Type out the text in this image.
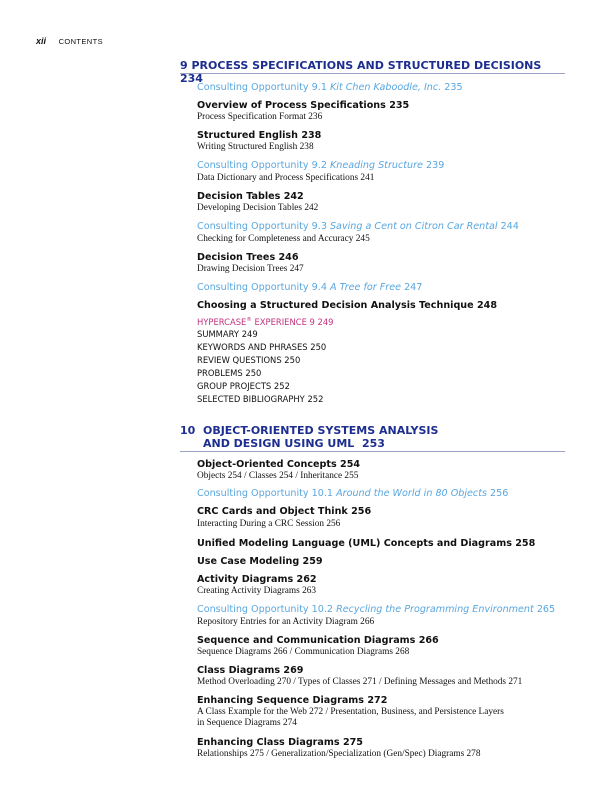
xii CONTENTS
9 PROCESS SPECIFICATIONS AND STRUCTURED DECISIONS 234
Consulting Opportunity 9.1 Kit Chen Kaboodle, Inc. 235
Overview of Process Specifications 235
Process Specification Format 236
Structured English 238
Writing Structured English 238
Consulting Opportunity 9.2 Kneading Structure 239
Data Dictionary and Process Specifications 241
Decision Tables 242
Developing Decision Tables 242
Consulting Opportunity 9.3 Saving a Cent on Citron Car Rental 244
Checking for Completeness and Accuracy 245
Decision Trees 246
Drawing Decision Trees 247
Consulting Opportunity 9.4 A Tree for Free 247
Choosing a Structured Decision Analysis Technique 248
HYPERCASE® EXPERIENCE 9 249
SUMMARY 249
KEYWORDS AND PHRASES 250
REVIEW QUESTIONS 250
PROBLEMS 250
GROUP PROJECTS 252
SELECTED BIBLIOGRAPHY 252
10  OBJECT-ORIENTED SYSTEMS ANALYSIS
AND DESIGN USING UML  253
Object-Oriented Concepts 254
Objects 254 / Classes 254 / Inheritance 255
Consulting Opportunity 10.1 Around the World in 80 Objects 256
CRC Cards and Object Think 256
Interacting During a CRC Session 256
Unified Modeling Language (UML) Concepts and Diagrams 258
Use Case Modeling 259
Activity Diagrams 262
Creating Activity Diagrams 263
Consulting Opportunity 10.2 Recycling the Programming Environment 265
Repository Entries for an Activity Diagram 266
Sequence and Communication Diagrams 266
Sequence Diagrams 266 / Communication Diagrams 268
Class Diagrams 269
Method Overloading 270 / Types of Classes 271 / Defining Messages and Methods 271
Enhancing Sequence Diagrams 272
A Class Example for the Web 272 / Presentation, Business, and Persistence Layers
in Sequence Diagrams 274
Enhancing Class Diagrams 275
Relationships 275 / Generalization/Specialization (Gen/Spec) Diagrams 278
